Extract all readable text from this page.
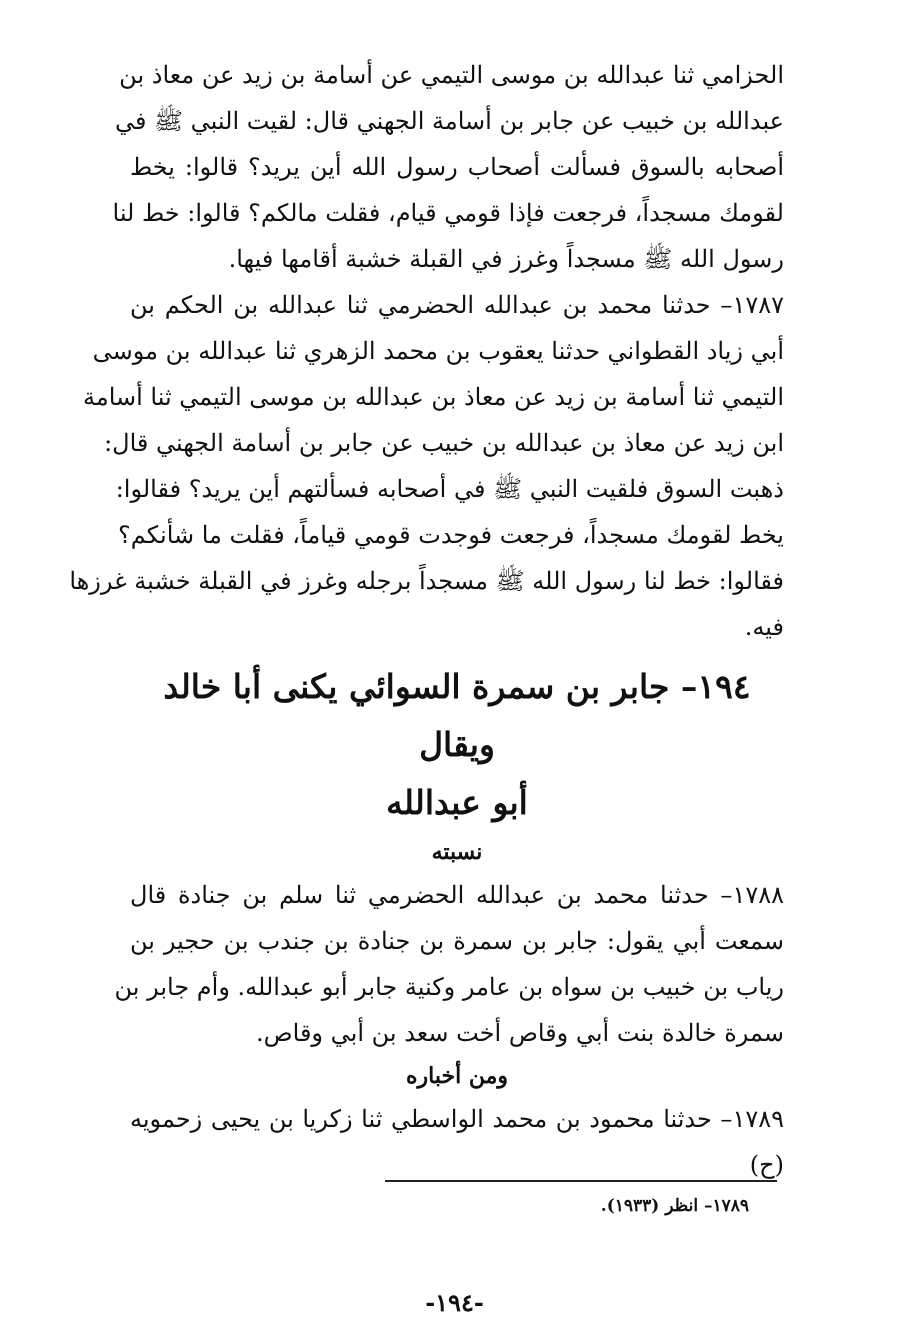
الحزامي ثنا عبدالله بن موسى التيمي عن أسامة بن زيد عن معاذ بن
عبدالله بن خبيب عن جابر بن أسامة الجهني قال: لقيت النبي ﷺ في
أصحابه بالسوق فسألت أصحاب رسول الله أين يريد؟ قالوا: يخط
لقومك مسجداً، فرجعت فإذا قومي قيام، فقلت مالكم؟ قالوا: خط لنا
رسول الله ﷺ مسجداً وغرز في القبلة خشبة أقامها فيها.

١٧٨٧– حدثنا محمد بن عبدالله الحضرمي ثنا عبدالله بن الحكم بن
أبي زياد القطواني حدثنا يعقوب بن محمد الزهري ثنا عبدالله بن موسى
التيمي ثنا أسامة بن زيد عن معاذ بن عبدالله بن موسى التيمي ثنا أسامة
ابن زيد عن معاذ بن عبدالله بن خبيب عن جابر بن أسامة الجهني قال:
ذهبت السوق فلقيت النبي ﷺ في أصحابه فسألتهم أين يريد؟ فقالوا:
يخط لقومك مسجداً، فرجعت فوجدت قومي قياماً، فقلت ما شأنكم؟
فقالوا: خط لنا رسول الله ﷺ مسجداً برجله وغرز في القبلة خشبة غرزها
فيه.

١٩٤– جابر بن سمرة السوائي يكنى أبا خالد ويقال
أبو عبدالله

نسبته

١٧٨٨– حدثنا محمد بن عبدالله الحضرمي ثنا سلم بن جنادة قال
سمعت أبي يقول: جابر بن سمرة بن جنادة بن جندب بن حجير بن
رياب بن خبيب بن سواه بن عامر وكنية جابر أبو عبدالله. وأم جابر بن
سمرة خالدة بنت أبي وقاص أخت سعد بن أبي وقاص.

ومن أخباره

١٧٨٩– حدثنا محمود بن محمد الواسطي ثنا زكريا بن يحيى زحمويه
(ح)

١٧٨٩– انظر (١٩٣٣).
-١٩٤-
